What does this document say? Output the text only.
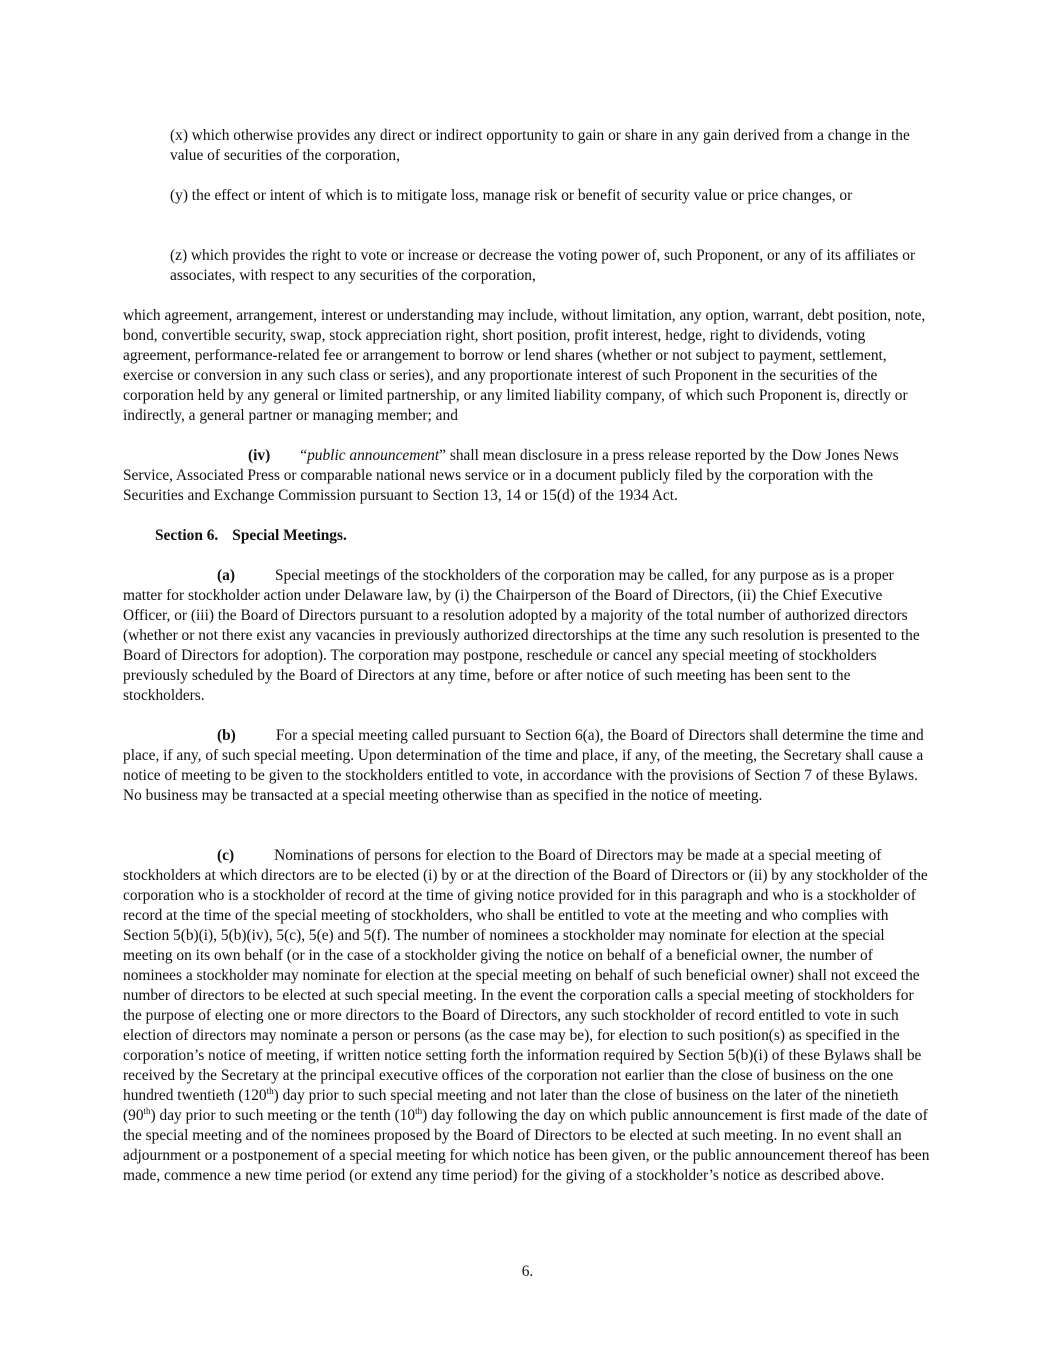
(x) which otherwise provides any direct or indirect opportunity to gain or share in any gain derived from a change in the value of securities of the corporation,

(y) the effect or intent of which is to mitigate loss, manage risk or benefit of security value or price changes, or

(z) which provides the right to vote or increase or decrease the voting power of, such Proponent, or any of its affiliates or associates, with respect to any securities of the corporation,

which agreement, arrangement, interest or understanding may include, without limitation, any option, warrant, debt position, note, bond, convertible security, swap, stock appreciation right, short position, profit interest, hedge, right to dividends, voting agreement, performance-related fee or arrangement to borrow or lend shares (whether or not subject to payment, settlement, exercise or conversion in any such class or series), and any proportionate interest of such Proponent in the securities of the corporation held by any general or limited partnership, or any limited liability company, of which such Proponent is, directly or indirectly, a general partner or managing member; and

(iv) “public announcement” shall mean disclosure in a press release reported by the Dow Jones News Service, Associated Press or comparable national news service or in a document publicly filed by the corporation with the Securities and Exchange Commission pursuant to Section 13, 14 or 15(d) of the 1934 Act.

Section 6. Special Meetings.

(a)	Special meetings of the stockholders of the corporation may be called, for any purpose as is a proper matter for stockholder action under Delaware law, by (i) the Chairperson of the Board of Directors, (ii) the Chief Executive Officer, or (iii) the Board of Directors pursuant to a resolution adopted by a majority of the total number of authorized directors (whether or not there exist any vacancies in previously authorized directorships at the time any such resolution is presented to the Board of Directors for adoption). The corporation may postpone, reschedule or cancel any special meeting of stockholders previously scheduled by the Board of Directors at any time, before or after notice of such meeting has been sent to the stockholders.

(b)	For a special meeting called pursuant to Section 6(a), the Board of Directors shall determine the time and place, if any, of such special meeting. Upon determination of the time and place, if any, of the meeting, the Secretary shall cause a notice of meeting to be given to the stockholders entitled to vote, in accordance with the provisions of Section 7 of these Bylaws. No business may be transacted at a special meeting otherwise than as specified in the notice of meeting.

(c)	Nominations of persons for election to the Board of Directors may be made at a special meeting of stockholders at which directors are to be elected (i) by or at the direction of the Board of Directors or (ii) by any stockholder of the corporation who is a stockholder of record at the time of giving notice provided for in this paragraph and who is a stockholder of record at the time of the special meeting of stockholders, who shall be entitled to vote at the meeting and who complies with Section 5(b)(i), 5(b)(iv), 5(c), 5(e) and 5(f). The number of nominees a stockholder may nominate for election at the special meeting on its own behalf (or in the case of a stockholder giving the notice on behalf of a beneficial owner, the number of nominees a stockholder may nominate for election at the special meeting on behalf of such beneficial owner) shall not exceed the number of directors to be elected at such special meeting. In the event the corporation calls a special meeting of stockholders for the purpose of electing one or more directors to the Board of Directors, any such stockholder of record entitled to vote in such election of directors may nominate a person or persons (as the case may be), for election to such position(s) as specified in the corporation’s notice of meeting, if written notice setting forth the information required by Section 5(b)(i) of these Bylaws shall be received by the Secretary at the principal executive offices of the corporation not earlier than the close of business on the one hundred twentieth (120th) day prior to such special meeting and not later than the close of business on the later of the ninetieth (90th) day prior to such meeting or the tenth (10th) day following the day on which public announcement is first made of the date of the special meeting and of the nominees proposed by the Board of Directors to be elected at such meeting. In no event shall an adjournment or a postponement of a special meeting for which notice has been given, or the public announcement thereof has been made, commence a new time period (or extend any time period) for the giving of a stockholder’s notice as described above.

6.
